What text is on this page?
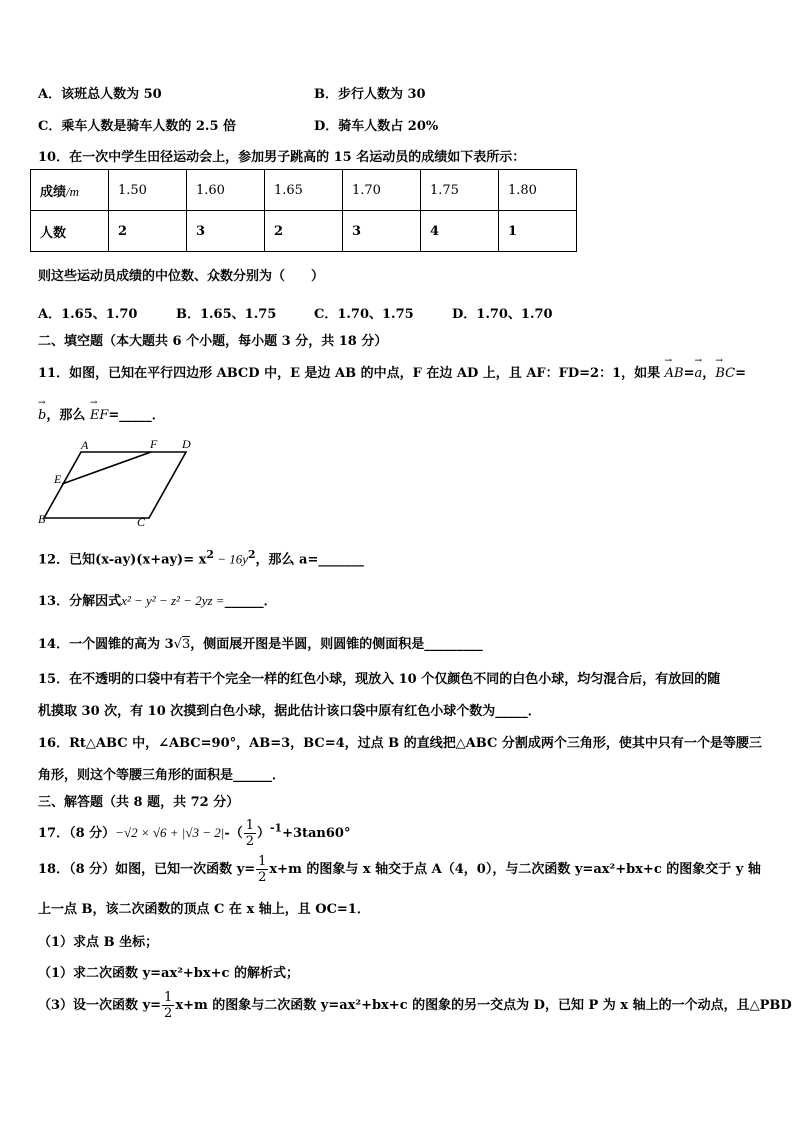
A．该班总人数为 50	B．步行人数为 30
C．乘车人数是骑车人数的 2.5 倍	D．骑车人数占 20%
10．在一次中学生田径运动会上，参加男子跳高的 15 名运动员的成绩如下表所示：
成绩/m	1.50	1.60	1.65	1.70	1.75	1.80
人数	2	3	2	3	4	1
则这些运动员成绩的中位数、众数分别为（　　）
A．1.65、1.70	B．1.65、1.75	C．1.70、1.75	D．1.70、1.70
二、填空题（本大题共 6 个小题，每小题 3 分，共 18 分）
11．如图，已知在平行四边形 ABCD 中，E 是边 AB 的中点，F 在边 AD 上，且 AF：FD=2：1，如果 → AB=→ a，→ BC=
→ b，那么 → EF=_____．
A	F D
E
B	C
12．已知$(x-ay)(x+ay)= x^2 - 16y^2$，那么 a=_______
13．分解因式x² − y² − z² − 2yz =______．
14．一个圆锥的高为 3√3，侧面展开图是半圆，则圆锥的侧面积是_________
15．在不透明的口袋中有若干个完全一样的红色小球，现放入 10 个仅颜色不同的白色小球，均匀混合后，有放回的随
机摸取 30 次，有 10 次摸到白色小球，据此估计该口袋中原有红色小球个数为_____．
16．Rt△ABC 中，∠ABC=90°，AB=3，BC=4，过点 B 的直线把△ABC 分割成两个三角形，使其中只有一个是等腰三
角形，则这个等腰三角形的面积是______．
三、解答题（共 8 题，共 72 分）
17．（8 分）$-√2 \times √6 + |√3 - 2|-( \frac{1}{2} )^{-1}+3\tan 60^\circ$
18．（8 分）如图，已知一次函数 $y= \frac{1}{2} x+m$ 的图象与 x 轴交于点 A（4，0），与二次函数 y=ax²+bx+c 的图象交于 y 轴
上一点 B，该二次函数的顶点 C 在 x 轴上，且 OC=1．
（1）求点 B 坐标；
（1）求二次函数 y=ax²+bx+c 的解析式；
（3）设一次函数 $y= \frac{1}{2} x+m$ 的图象与二次函数 y=ax²+bx+c 的图象的另一交点为 D，已知 P 为 x 轴上的一个动点，且△PBD
